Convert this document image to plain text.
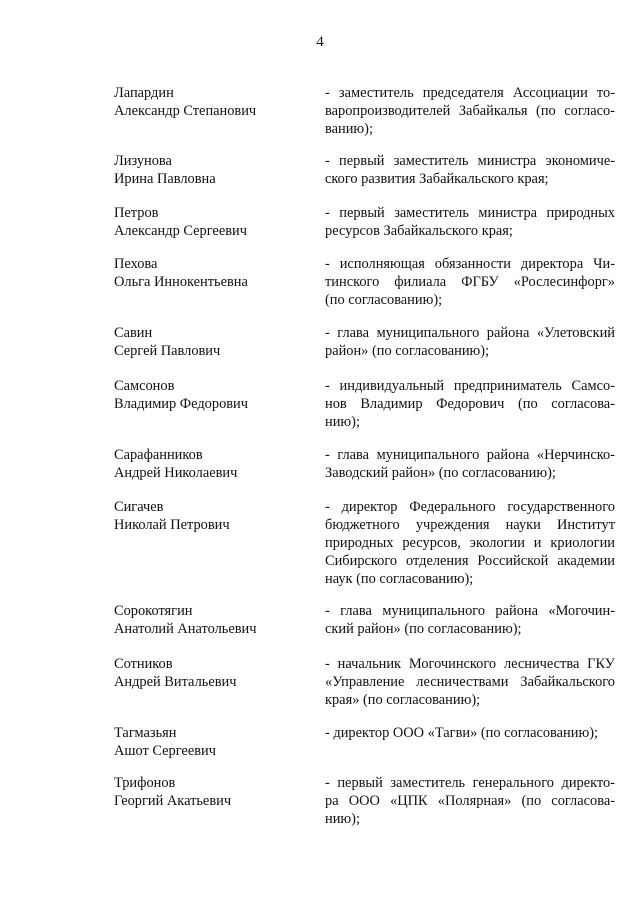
4
Лапардин
Александр Степанович
- заместитель председателя Ассоциации то-
варопроизводителей Забайкалья (по согласо-
ванию);
Лизунова
Ирина Павловна
- первый заместитель министра экономиче-
ского развития Забайкальского края;
Петров
Александр Сергеевич
- первый заместитель министра природных
ресурсов Забайкальского края;
Пехова
Ольга Иннокентьевна
- исполняющая обязанности директора Чи-
тинского филиала ФГБУ «Рослесинфорг»
(по согласованию);
Савин
Сергей Павлович
- глава муниципального района «Улетовский
район» (по согласованию);
Самсонов
Владимир Федорович
- индивидуальный предприниматель Самсо-
нов Владимир Федорович (по согласова-
нию);
Сарафанников
Андрей Николаевич
- глава муниципального района «Нерчинско-
Заводский район» (по согласованию);
Сигачев
Николай Петрович
- директор Федерального государственного
бюджетного учреждения науки Институт
природных ресурсов, экологии и криологии
Сибирского отделения Российской академии
наук (по согласованию);
Сорокотягин
Анатолий Анатольевич
- глава муниципального района «Могочин-
ский район» (по согласованию);
Сотников
Андрей Витальевич
- начальник Могочинского лесничества ГКУ
«Управление лесничествами Забайкальского
края» (по согласованию);
Тагмазьян
Ашот Сергеевич
- директор ООО «Тагви» (по согласованию);
Трифонов
Георгий Акатьевич
- первый заместитель генерального директо-
ра ООО «ЦПК «Полярная» (по согласова-
нию);
